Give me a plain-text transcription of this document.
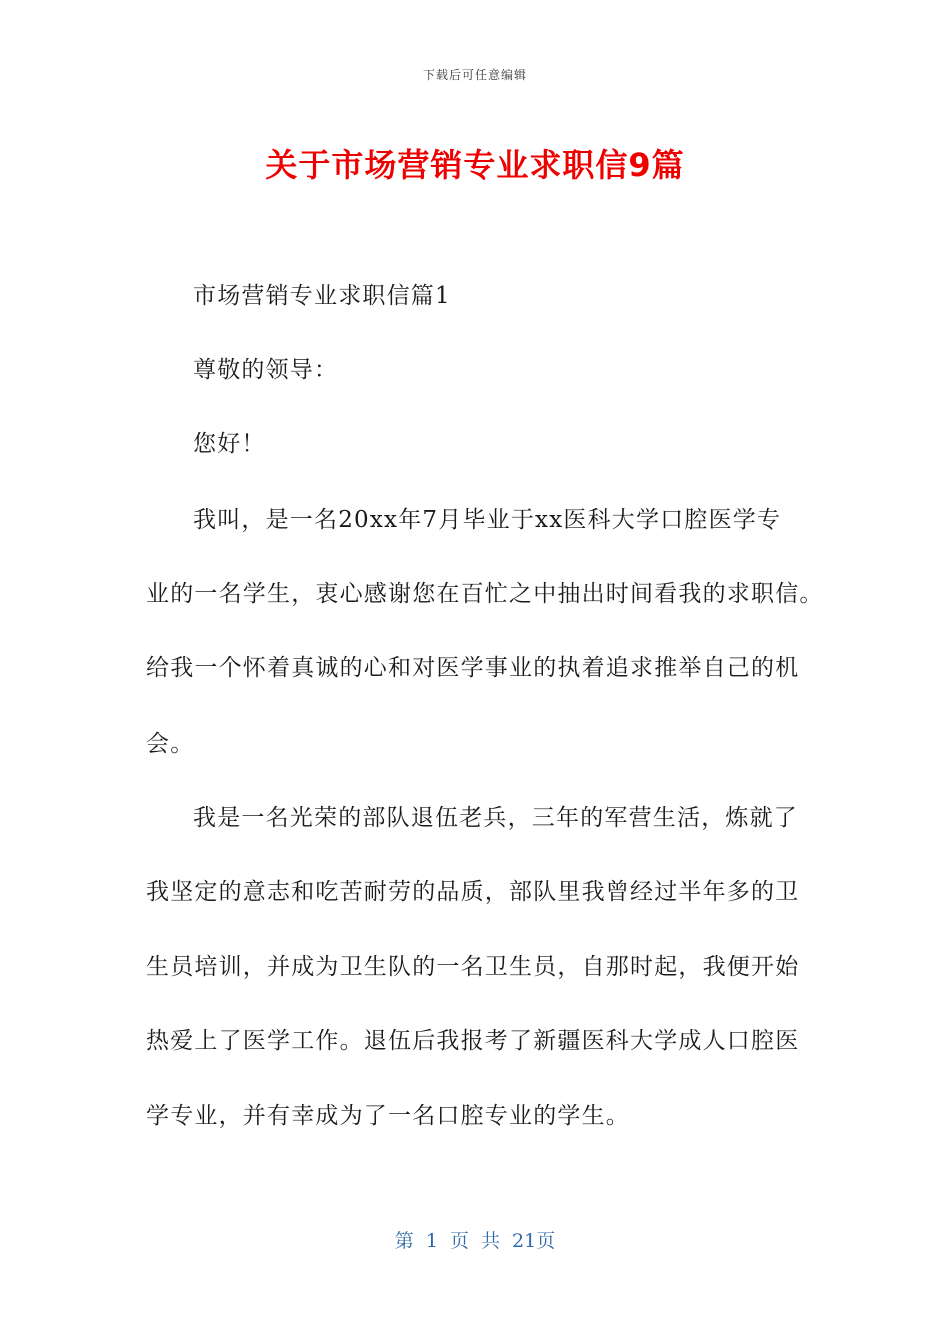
下载后可任意编辑
关于市场营销专业求职信9篇
市场营销专业求职信篇1
尊敬的领导：
您好！
我叫，是一名20xx年7月毕业于xx医科大学口腔医学专
业的一名学生，衷心感谢您在百忙之中抽出时间看我的求职信。
给我一个怀着真诚的心和对医学事业的执着追求推举自己的机
会。
我是一名光荣的部队退伍老兵，三年的军营生活，炼就了
我坚定的意志和吃苦耐劳的品质，部队里我曾经过半年多的卫
生员培训，并成为卫生队的一名卫生员，自那时起，我便开始
热爱上了医学工作。退伍后我报考了新疆医科大学成人口腔医
学专业，并有幸成为了一名口腔专业的学生。
第 1 页 共 21页
